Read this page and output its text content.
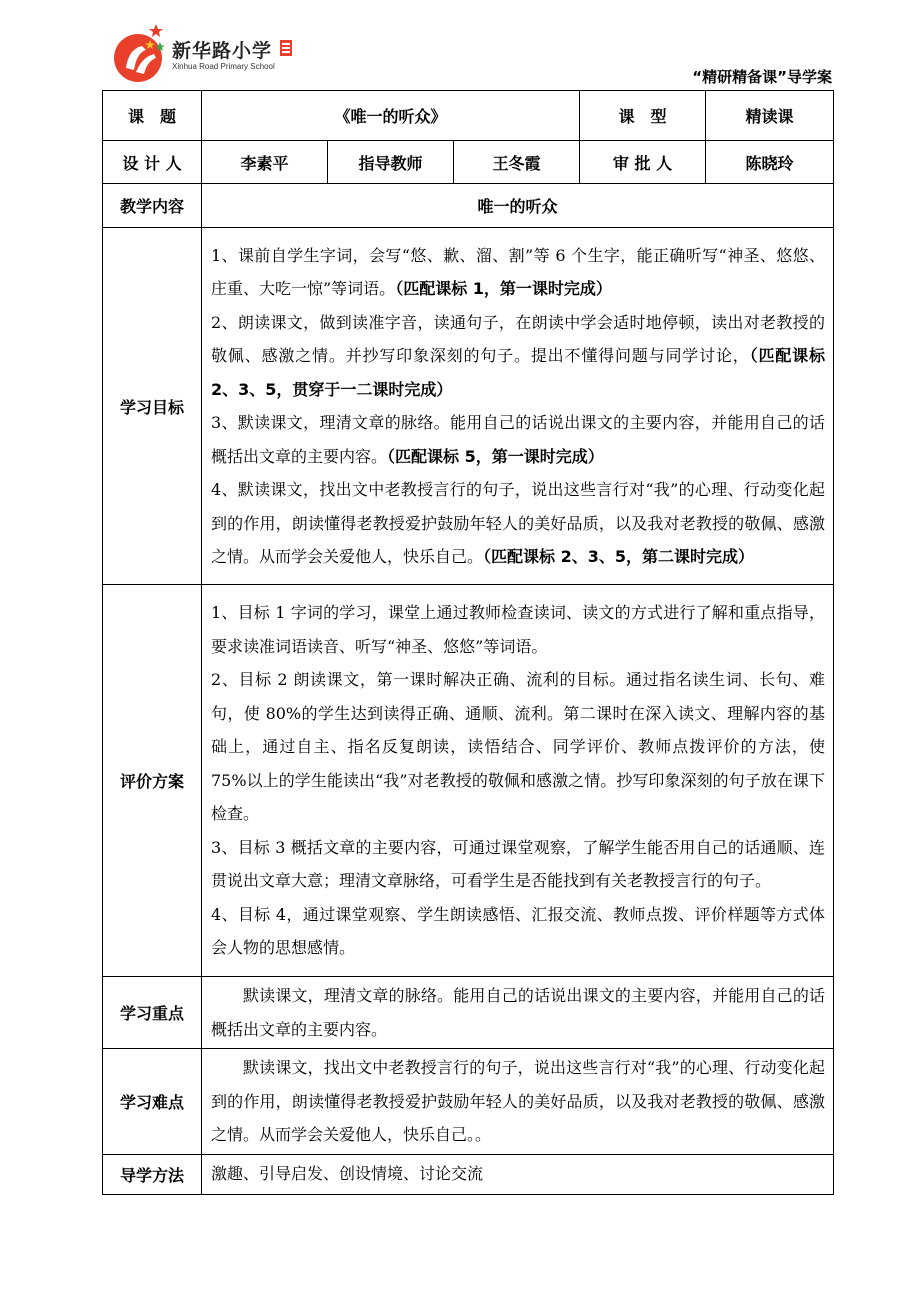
新华路小学
Xinhua Road Primary School
“精研精备课”导学案
课　题	《唯一的听众》			课　型	精读课
设 计 人	李素平	指导教师	王冬霞	审 批 人	陈晓玲
教学内容	唯一的听众				
学习目标	1、课前自学生字词，会写“悠、歉、溜、割”等 6 个生字，能正确听写“神圣、悠悠、庄重、大吃一惊”等词语。（匹配课标 1，第一课时完成）

2、朗读课文，做到读准字音，读通句子，在朗读中学会适时地停顿，读出对老教授的敬佩、感激之情。并抄写印象深刻的句子。提出不懂得问题与同学讨论，（匹配课标 2、3、5，贯穿于一二课时完成）

3、默读课文，理清文章的脉络。能用自己的话说出课文的主要内容，并能用自己的话概括出文章的主要内容。（匹配课标 5，第一课时完成）

4、默读课文，找出文中老教授言行的句子，说出这些言行对“我”的心理、行动变化起到的作用，朗读懂得老教授爱护鼓励年轻人的美好品质，以及我对老教授的敬佩、感激之情。从而学会关爱他人，快乐自己。（匹配课标 2、3、5，第二课时完成）				

评价方案	1、目标 1 字词的学习，课堂上通过教师检查读词、读文的方式进行了解和重点指导，要求读准词语读音、听写“神圣、悠悠”等词语。

2、目标 2 朗读课文，第一课时解决正确、流利的目标。通过指名读生词、长句、难句，使 80%的学生达到读得正确、通顺、流利。第二课时在深入读文、理解内容的基础上，通过自主、指名反复朗读，读悟结合、同学评价、教师点拨评价的方法，使 75%以上的学生能读出“我”对老教授的敬佩和感激之情。抄写印象深刻的句子放在课下检查。

3、目标 3 概括文章的主要内容，可通过课堂观察，了解学生能否用自己的话通顺、连贯说出文章大意；理清文章脉络，可看学生是否能找到有关老教授言行的句子。

4、目标 4，通过课堂观察、学生朗读感悟、汇报交流、教师点拨、评价样题等方式体会人物的思想感情。				

学习重点	默读课文，理清文章的脉络。能用自己的话说出课文的主要内容，并能用自己的话概括出文章的主要内容。				

学习难点	默读课文，找出文中老教授言行的句子，说出这些言行对“我”的心理、行动变化起到的作用，朗读懂得老教授爱护鼓励年轻人的美好品质，以及我对老教授的敬佩、感激之情。从而学会关爱他人，快乐自己。。				

导学方法	激趣、引导启发、创设情境、讨论交流				
